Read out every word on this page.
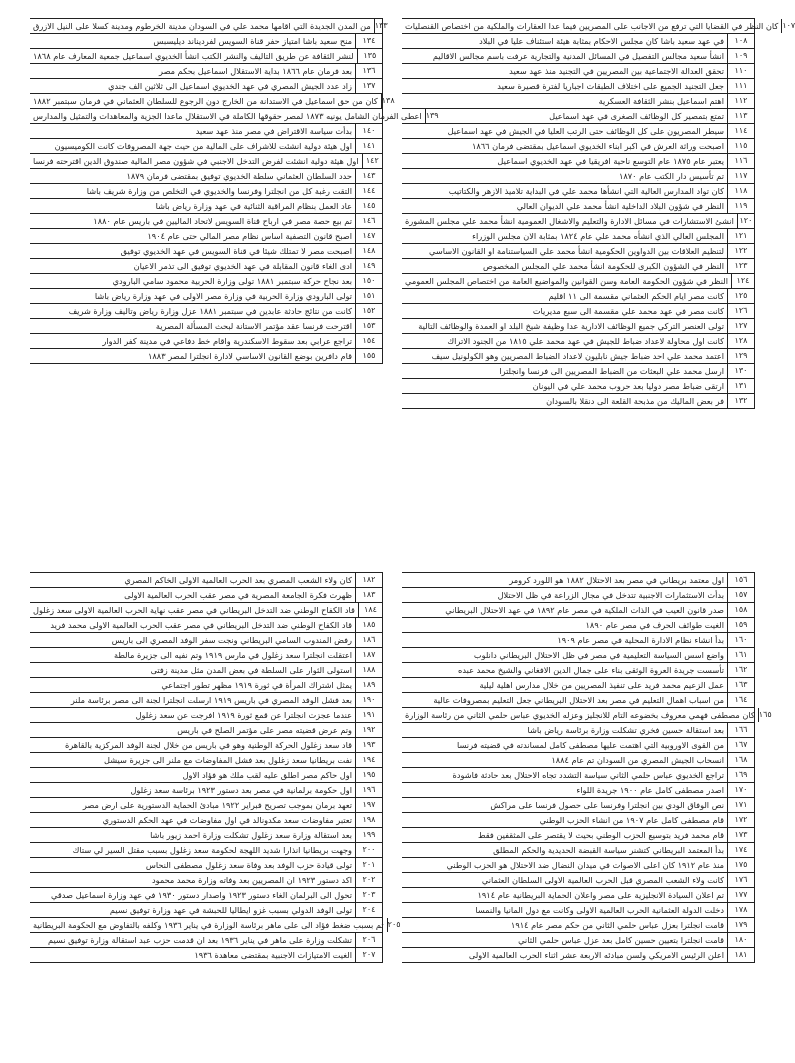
من المدن الجديدة التي اقامها محمد علي في السودان مدينة الخرطوم ومدينة كسلا على النيل الازرق ١٣٣
منح سعيد باشا امتياز حفر قناة السويس لفرديناند ديليسبس	١٣٤
لنشر الثقافة عن طريق التاليف والنشر الكتب انشأ الخديوي اسماعيل جمعية المعارف عام ١٨٦٨	١٣٥
بعد فرمان عام ١٨٦٦ بداية الاستقلال اسماعيل بحكم مصر	١٣٦
زاد عدد الجيش المصري في عهد الخديوي اسماعيل الى ثلاثين الف جندي	١٣٧
كان من حق اسماعيل في الاستدانة من الخارج دون الرجوع للسلطان العثماني في فرمان سبتمبر ١٨٨٢ ١٣٨
اعطى الفرمان الشامل يونيه ١٨٧٣ لمصر حقوقها الكاملة في الاستقلال ماعدا الجزية والمعاهدات والتمثيل والمدارس ١٣٩
بدأت سياسة الاقتراض في مصر منذ عهد سعيد	١٤٠
اول هيئة دولية انشئت للاشراف على المالية من حيث جهة المصروفات كانت الكوميسيون	١٤١
اول هيئة دولية انشئت لفرض التدخل الاجنبي في شؤون مصر المالية صندوق الدين اقترحته فرنسا ١٤٢
حدد السلطان العثماني سلطة الخديوي توفيق بمقتضى فرمان ١٨٧٩	١٤٣
التقت رغبة كل من انجلترا وفرنسا والخديوي في التخلص من وزارة شريف باشا	١٤٤
عاد العمل بنظام المراقبة الثنائية في عهد وزارة رياض باشا	١٤٥
تم بيع حصة مصر في ارباح قناة السويس لاتحاد الماليين في باريس عام ١٨٨٠	١٤٦
اصبح قانون التصفية اساس نظام مصر المالي حتى عام ١٩٠٤	١٤٧
اصبحت مصر لا تمتلك شيئا في قناة السويس في عهد الخديوي توفيق	١٤٨
ادى الغاء قانون المقابلة في عهد الخديوي توفيق الى تذمر الاعيان	١٤٩
بعد نجاح حركة سبتمبر ١٨٨١ تولى وزارة الحربية محمود سامي البارودي	١٥٠
تولى البارودي وزارة الحربية في وزارة مصر الاولى في عهد وزارة رياض باشا	١٥١
كانت من نتائج حادثة عابدين في سبتمبر ١٨٨١ عزل وزارة رياض وتاليف وزارة شريف	١٥٢
اقترحت فرنسا عقد مؤتمر الاستانة لبحث المسألة المصرية	١٥٣
تراجع عرابي بعد سقوط الاسكندرية واقام خط دفاعي في مدينة كفر الدوار	١٥٤
قام دافرين بوضع القانون الاساسي لادارة انجلترا لمصر ١٨٨٣	١٥٥
كان النظر في القضايا التي ترفع من الاجانب على المصريين فيما عدا العقارات والملكية من اختصاص القنصليات ١٠٧
في عهد سعيد باشا كان مجلس الاحكام بمثابة هيئة استئناف عليا في البلاد	١٠٨
انشأ سعيد مجالس التفصيل في المسائل المدنية والتجارية عرفت باسم مجالس الاقاليم	١٠٩
تحقق العدالة الاجتماعية بين المصريين في التجنيد منذ عهد سعيد	١١٠
جعل التجنيد الجميع على اختلاف الطبقات اجباريا لفترة قصيرة سعيد	١١١
اهتم اسماعيل بنشر الثقافة العسكرية	١١٢
تمتع بتمصير كل الوظائف الصغرى في عهد اسماعيل	١١٣
سيطر المصريون على كل الوظائف حتى الرتب العليا في الجيش في عهد اسماعيل	١١٤
اصبحت وراثة العرش في اكبر ابناء الخديوي اسماعيل بمقتضى فرمان ١٨٦٦	١١٥
يعتبر عام ١٨٧٥ عام التوسع ناحية افريقيا في عهد الخديوي اسماعيل	١١٦
تم تأسيس دار الكتب عام ١٨٧٠	١١٧
كان تواد المدارس العالية التي انشأها محمد علي في البداية تلاميذ الازهر والكتاتيب	١١٨
النظر في شؤون البلاد الداخلية انشأ محمد علي الديوان العالي	١١٩
انشئ الاستشارات في مسائل الادارة والتعليم والاشغال العمومية انشأ محمد علي مجلس المشورة ١٢٠
المجلس العالي الذي انشأه محمد علي عام ١٨٢٤ بمثابة الان مجلس الوزراء	١٢١
لتنظيم العلاقات بين الدواوين الحكومية انشأ محمد علي السياستنامة او القانون الاساسي	١٢٢
النظر في الشؤون الكبرى للحكومة انشأ محمد علي المجلس المخصوص	١٢٣
النظر في شؤون الحكومة العامة وسن القوانين والمواضيع العامة من اختصاص المجلس العمومي	١٢٤
كانت مصر ايام الحكم العثماني مقسمة الى ١١ اقليم	١٢٥
كانت مصر في عهد محمد علي مقسمة الى سبع مديريات	١٢٦
تولى العنصر التركي جميع الوظائف الادارية عدا وظيفة شيخ البلد او العمدة والوظائف التالية	١٢٧
كانت اول محاولة لاعداد ضباط للجيش في عهد محمد علي ١٨١٥ من الجنود الاتراك	١٢٨
اعتمد محمد علي احد ضباط جيش نابليون لاعداد الضباط المصريين وهو الكولونيل سيف	١٢٩
ارسل محمد علي البعثات من الضباط المصريين الى فرنسا وانجلترا	١٣٠
ارتقى ضباط مصر دوليا بعد حروب محمد علي في اليونان	١٣١
فر بعض الماليك من مذبحة القلعة الى دنقلا بالسودان	١٣٢
كان ولاء الشعب المصري بعد الحرب العالمية الاولى الخاكم المصري	١٨٢
ظهرت فكرة الجامعة المصرية في مصر عقب الحرب العالمية الاولى	١٨٣
قاد الكفاح الوطني ضد التدخل البريطاني في مصر عقب نهاية الحرب العالمية الاولى سعد زغلول	١٨٤
قاد الكفاح الوطني ضد التدخل البريطاني في مصر عقب الحرب العالمية الاولى محمد فريد	١٨٥
رفض المندوب السامي البريطاني ونجت سفر الوفد المصري الى باريس	١٨٦
اعتقلت انجلترا سعد زغلول في مارس ١٩١٩ وتم نفيه الى جزيرة مالطة	١٨٧
استولى الثوار على السلطة في بعض المدن مثل مدينة زفتى	١٨٨
يمثل اشتراك المرأة في ثورة ١٩١٩ مظهر تطور اجتماعي	١٨٩
بعد فشل الوفد المصري في باريس ١٩١٩ ارسلت انجلترا لجنة الى مصر برئاسة ملنر	١٩٠
عندما عجزت انجلترا عن قمع ثورة ١٩١٩ افرجت عن سعد زغلول	١٩١
وتم عرض قضيته مصر على مؤتمر الصلح في باريس	١٩٢
قاد سعد زغلول الحركة الوطنية وهو في باريس من خلال لجنة الوفد المركزية بالقاهرة	١٩٣
نفت بريطانيا سعد زغلول بعد فشل المفاوضات مع ملنر الى جزيرة سيشل	١٩٤
اول حاكم مصر اطلق عليه لقب ملك هو فؤاد الاول	١٩٥
اول حكومة برلمانية في مصر بعد دستور ١٩٢٣ برئاسة سعد زغلول	١٩٦
تعهد برمان بموجب تصريح فبراير ١٩٢٢ مبادئ الحماية الدستورية على ارض مصر	١٩٧
تعتبر مفاوضات سعد مكدونالد في اول مفاوضات في عهد الحكم الدستوري	١٩٨
بعد استقالة وزارة سعد زغلول تشكلت وزارة احمد زيور باشا	١٩٩
وجهت بريطانيا انذارا شديد اللهجة لحكومة سعد زغلول بسبب مقتل السير لي ستاك	٢٠٠
تولى قيادة حزب الوفد بعد وفاة سعد زغلول مصطفى النحاس	٢٠١
اكد دستور ١٩٢٣ ان المصريين بعد وفاته وزارة محمد محمود	٢٠٢
تحول الى البرلمان الغاء دستور ١٩٢٣ واصدار دستور ١٩٣٠ في عهد وزارة اسماعيل صدقي	٢٠٣
تولى الوفد الدولي بسبب غزو ايطاليا للحبشة في عهد وزارة توفيق نسيم	٢٠٤
تم بسبب ضغط فؤاد الى على ماهر برئاسة الوزارة في يناير ١٩٣٦ وكلفه بالتفاوض مع الحكومة البريطانية ٢٠٥
تشكلت وزارة على ماهر في يناير ١٩٣٦ بعد ان قدمت حزب عبد استقالة وزارة توفيق نسيم	٢٠٦
الغيت الامتيازات الاجنبية بمقتضى معاهدة ١٩٣٦	٢٠٧
اول معتمد بريطاني في مصر بعد الاحتلال ١٨٨٢ هو اللورد كرومر	١٥٦
بدأت الاستثمارات الاجنبية تتدخل في مجال الزراعة في ظل الاحتلال	١٥٧
صدر قانون العيب في الذات الملكية في مصر عام ١٨٩٢ في عهد الاحتلال البريطاني	١٥٨
الغيت طوائف الحرف في مصر عام ١٨٩٠	١٥٩
بدأ انشاء نظام الادارة المحلية في مصر عام ١٩٠٩	١٦٠
واضع اسس السياسة التعليمية في مصر في ظل الاحتلال البريطاني دانلوب	١٦١
تأسست جريدة العروة الوثقى بناء على جمال الدين الافغاني والشيخ محمد عبده	١٦٢
عمل الزعيم محمد فريد على تنفيذ المصريين من خلال مدارس اهلية ليلية	١٦٣
من اسباب اهمال التعليم في مصر بعد الاحتلال البريطاني جعل التعليم بمصروفات عالية	١٦٤
كان مصطفى فهمي معروف بخضوعه التام للانجليز وعزله الخديوي عباس حلمي الثاني من رئاسة الوزارة ١٦٥
بعد استقالة حسين فخري تشكلت وزارة برئاسة رياض باشا	١٦٦
من القوى الاوروبية التي اهتمت عليها مصطفى كامل لمساندته في قضيته فرنسا	١٦٧
انسحاب الجيش المصري من السودان تم عام ١٨٨٤	١٦٨
تراجع الخديوي عباس حلمي الثاني سياسة التشدد تجاه الاحتلال بعد حادثة فاشودة	١٦٩
اصدر مصطفى كامل عام ١٩٠٠ جريدة اللواء	١٧٠
نص الوفاق الودي بين انجلترا وفرنسا على حصول فرنسا على مراكش	١٧١
قام مصطفى كامل عام ١٩٠٧ من انشاء الحزب الوطني	١٧٢
قام محمد فريد بتوسيع الحزب الوطني بحيث لا يقتصر على المثقفين فقط	١٧٣
بدأ المعتمد البريطاني كتشنر سياسة القبضة الحديدية والحكم المطلق	١٧٤
منذ عام ١٩١٢ كان اعلى الاصوات في ميدان النضال ضد الاحتلال هو الحزب الوطني	١٧٥
كانت ولاء الشعب المصري قبل الحرب العالمية الاولى السلطان العثماني	١٧٦
تم اعلان السيادة الانجليزية على مصر واعلان الحماية البريطانية عام ١٩١٤	١٧٧
دخلت الدولة العثمانية الحرب العالمية الاولى وكانت مع دول المانيا والنمسا	١٧٨
قامت انجلترا بعزل عباس حلمي الثاني من حكم مصر عام ١٩١٤	١٧٩
قامت انجلترا بتعيين حسين كامل بعد عزل عباس حلمي الثاني	١٨٠
اعلن الرئيس الامريكي ولسن مبادئه الاربعة عشر اثناء الحرب العالمية الاولى	١٨١
